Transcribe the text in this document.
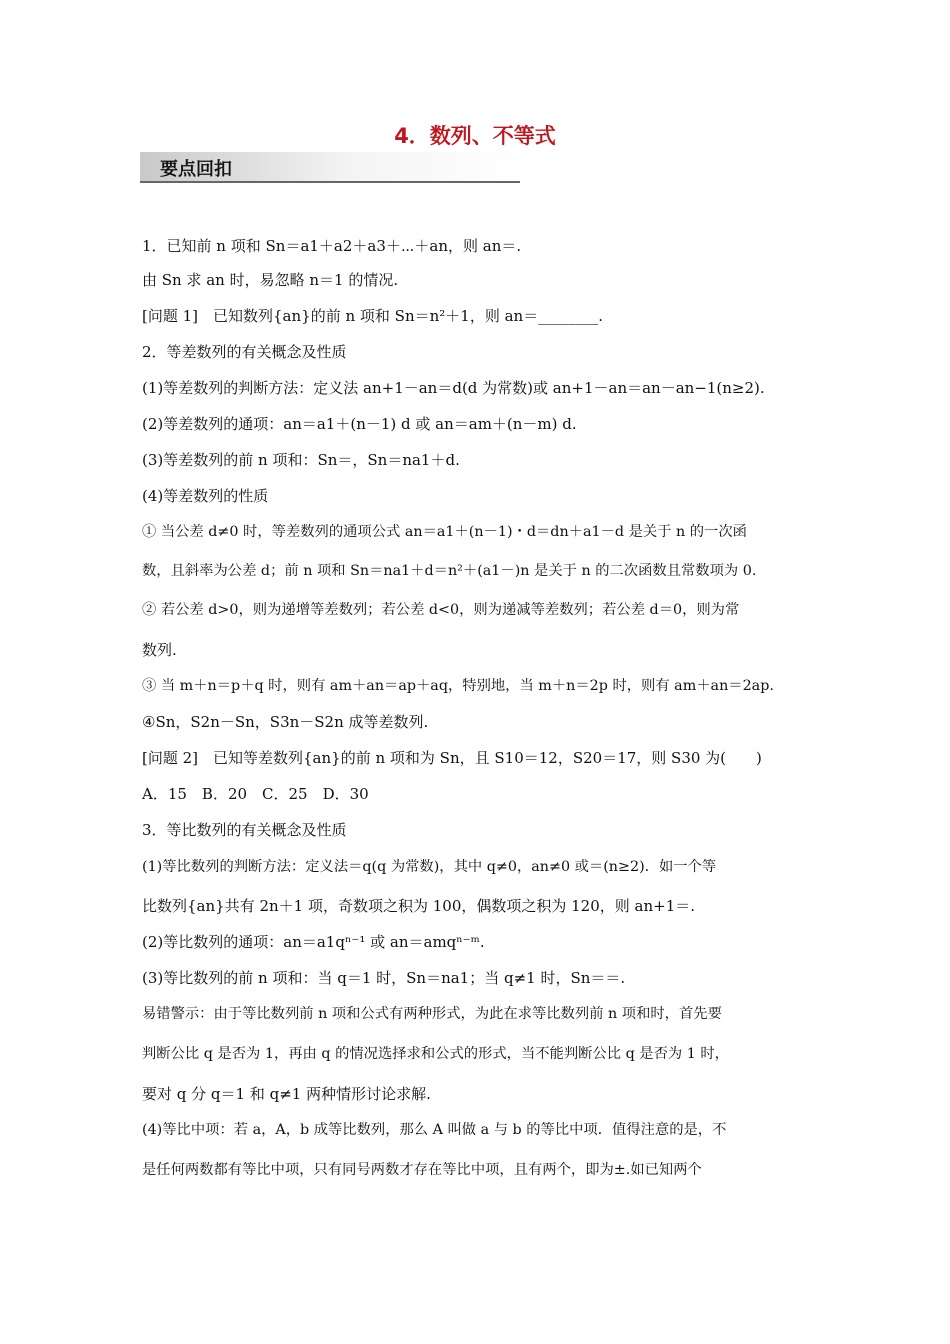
4．数列、不等式
要点回扣
1．已知前 n 项和 Sn＝a1＋a2＋a3＋⋯＋an，则 an＝.
由 Sn 求 an 时，易忽略 n＝1 的情况.
[问题 1]　已知数列{an}的前 n 项和 Sn＝n²＋1，则 an＝________.
2．等差数列的有关概念及性质
(1)等差数列的判断方法：定义法 an+1－an＝d(d 为常数)或 an+1－an＝an－an−1(n≥2).
(2)等差数列的通项：an＝a1＋(n－1) d 或 an＝am＋(n－m) d.
(3)等差数列的前 n 项和：Sn＝，Sn＝na1＋d.
(4)等差数列的性质
① 当公差 d≠0 时，等差数列的通项公式 an＝a1＋(n－1)・d＝dn＋a1－d 是关于 n 的一次函
数，且斜率为公差 d；前 n 项和 Sn＝na1＋d＝n²＋(a1－)n 是关于 n 的二次函数且常数项为 0.
② 若公差 d>0，则为递增等差数列；若公差 d<0，则为递减等差数列；若公差 d＝0，则为常
数列.
③ 当 m＋n＝p＋q 时，则有 am＋an＝ap＋aq，特别地，当 m＋n＝2p 时，则有 am＋an＝2ap.
④Sn，S2n－Sn，S3n－S2n 成等差数列.
[问题 2]　已知等差数列{an}的前 n 项和为 Sn，且 S10＝12，S20＝17，则 S30 为(　　)
A．15　B．20　C．25　D．30
3．等比数列的有关概念及性质
(1)等比数列的判断方法：定义法＝q(q 为常数)，其中 q≠0，an≠0 或＝(n≥2)．如一个等
比数列{an}共有 2n＋1 项，奇数项之积为 100，偶数项之积为 120，则 an+1＝.
(2)等比数列的通项：an＝a1qⁿ⁻¹ 或 an＝amqⁿ⁻ᵐ.
(3)等比数列的前 n 项和：当 q＝1 时，Sn＝na1；当 q≠1 时，Sn＝＝.
易错警示：由于等比数列前 n 项和公式有两种形式，为此在求等比数列前 n 项和时，首先要
判断公比 q 是否为 1，再由 q 的情况选择求和公式的形式，当不能判断公比 q 是否为 1 时，
要对 q 分 q＝1 和 q≠1 两种情形讨论求解.
(4)等比中项：若 a，A，b 成等比数列，那么 A 叫做 a 与 b 的等比中项．值得注意的是，不
是任何两数都有等比中项，只有同号两数才存在等比中项，且有两个，即为±.如已知两个
